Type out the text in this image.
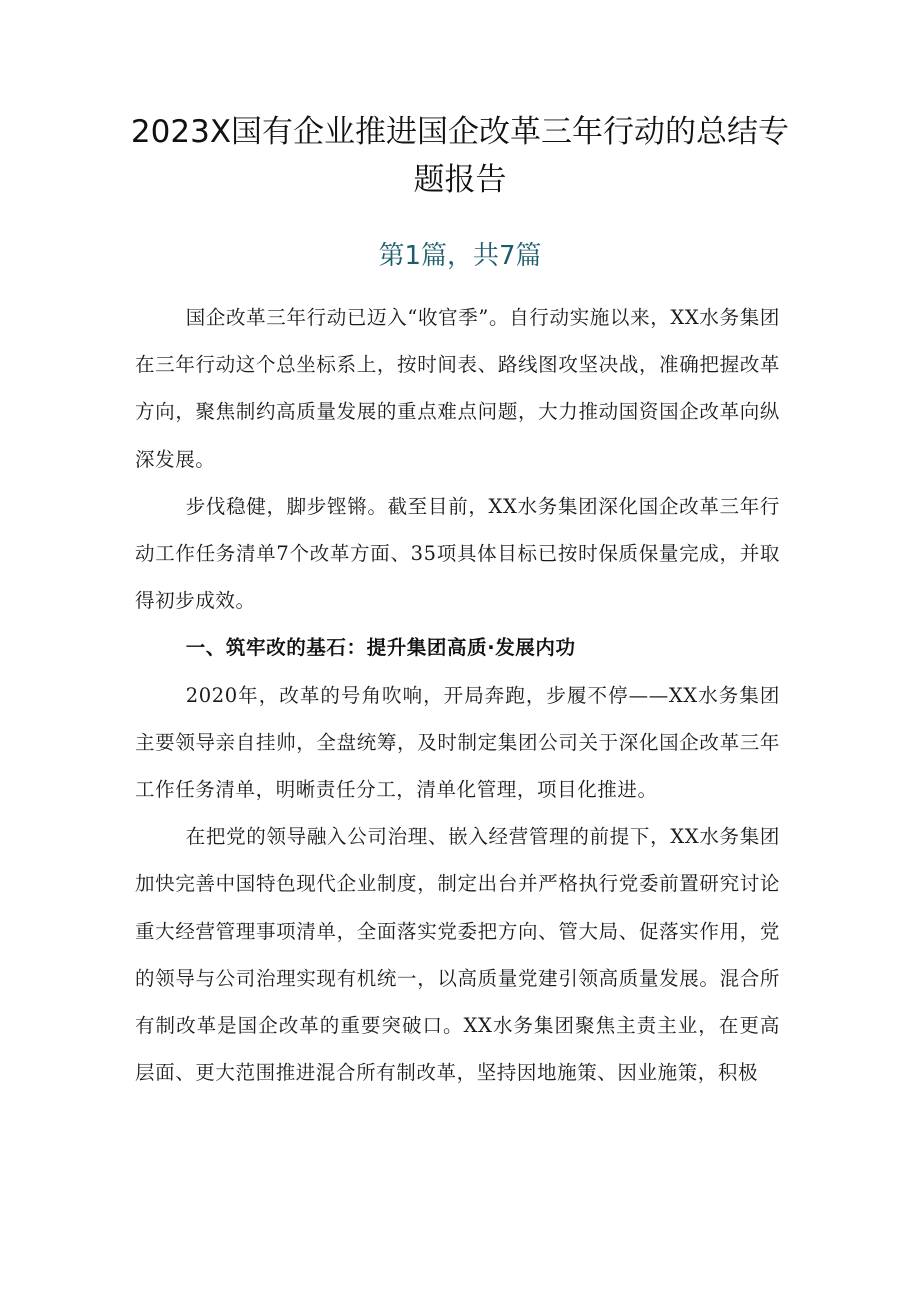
2023X国有企业推进国企改革三年行动的总结专题报告
第1篇，共7篇

国企改革三年行动已迈入“收官季”。自行动实施以来，XX水务集团在三年行动这个总坐标系上，按时间表、路线图攻坚决战，准确把握改革方向，聚焦制约高质量发展的重点难点问题，大力推动国资国企改革向纵深发展。

步伐稳健，脚步铿锵。截至目前，XX水务集团深化国企改革三年行动工作任务清单7个改革方面、35项具体目标已按时保质保量完成，并取得初步成效。

一、筑牢改的基石：提升集团高质·发展内功

2020年，改革的号角吹响，开局奔跑，步履不停——XX水务集团主要领导亲自挂帅，全盘统筹，及时制定集团公司关于深化国企改革三年工作任务清单，明晰责任分工，清单化管理，项目化推进。

在把党的领导融入公司治理、嵌入经营管理的前提下，XX水务集团加快完善中国特色现代企业制度，制定出台并严格执行党委前置研究讨论重大经营管理事项清单，全面落实党委把方向、管大局、促落实作用，党的领导与公司治理实现有机统一，以高质量党建引领高质量发展。混合所有制改革是国企改革的重要突破口。XX水务集团聚焦主责主业，在更高层面、更大范围推进混合所有制改革，坚持因地施策、因业施策，积极
